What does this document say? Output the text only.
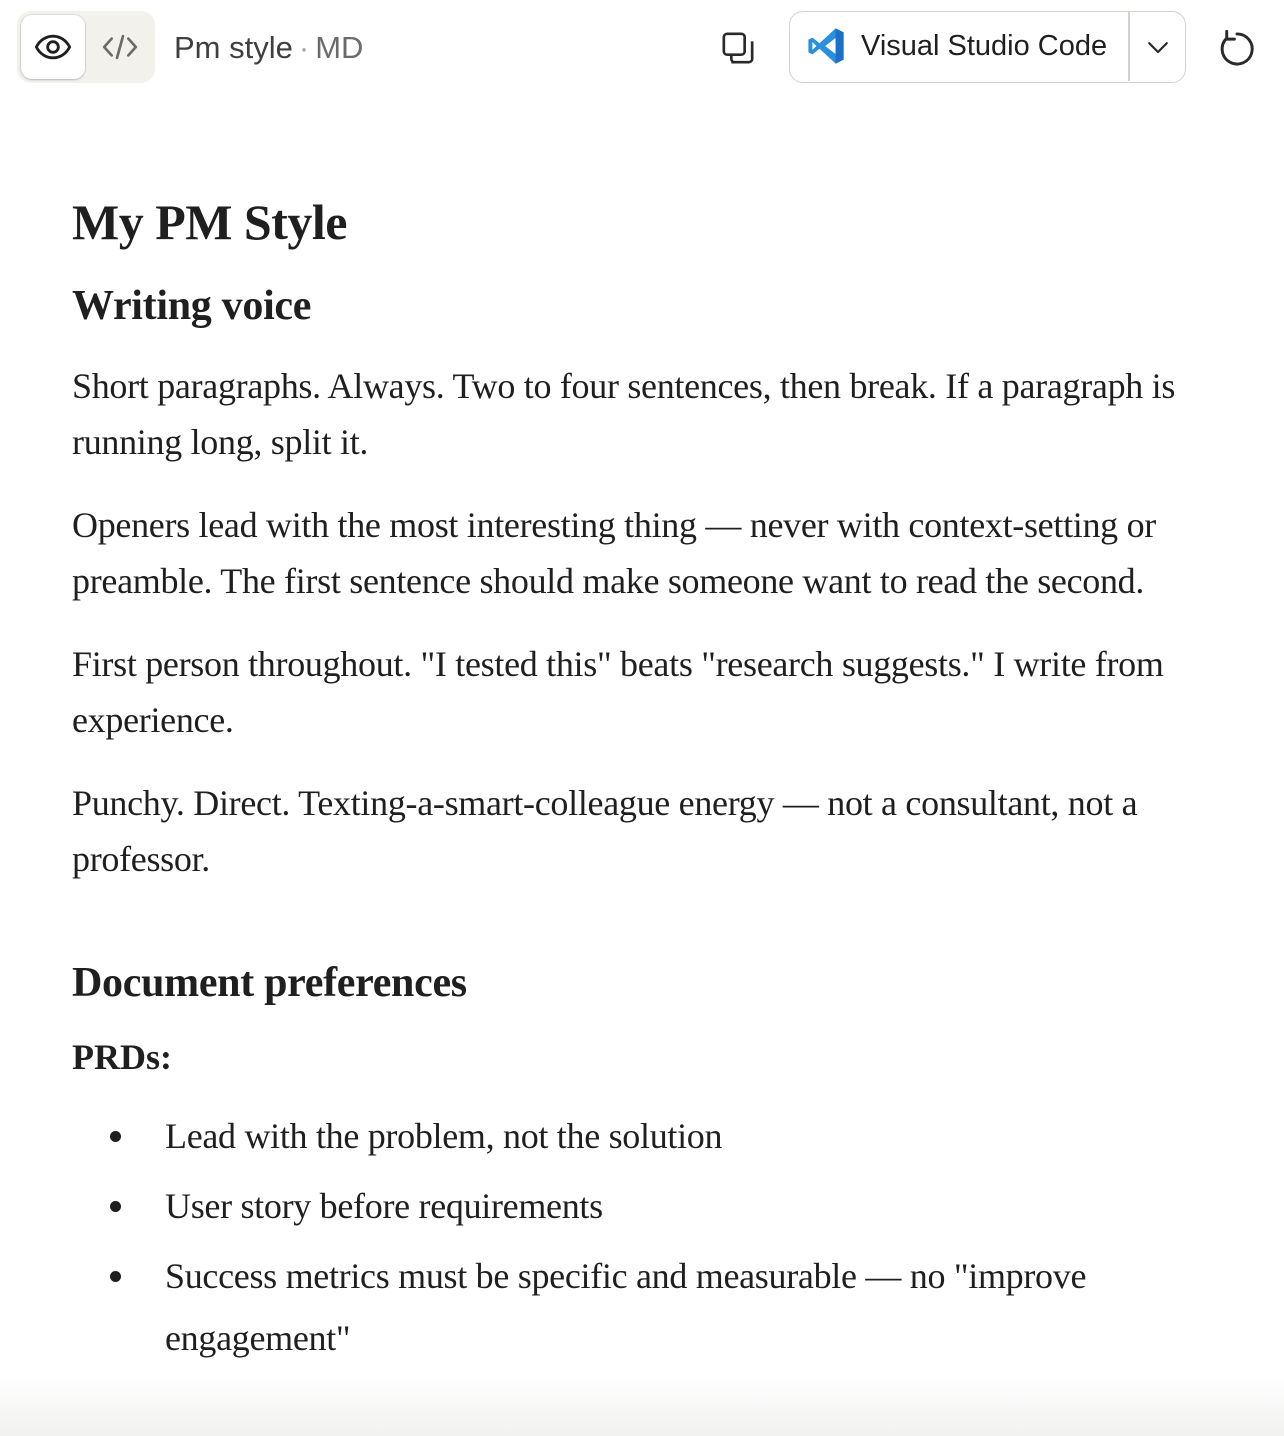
Pm style · MD	Visual Studio Code
My PM Style
Writing voice

Short paragraphs. Always. Two to four sentences, then break. If a paragraph is running long, split it.

Openers lead with the most interesting thing — never with context-setting or preamble. The first sentence should make someone want to read the second.

First person throughout. "I tested this" beats "research suggests." I write from experience.

Punchy. Direct. Texting-a-smart-colleague energy — not a consultant, not a professor.

Document preferences
PRDs:
Lead with the problem, not the solution
User story before requirements
Success metrics must be specific and measurable — no "improve engagement"
